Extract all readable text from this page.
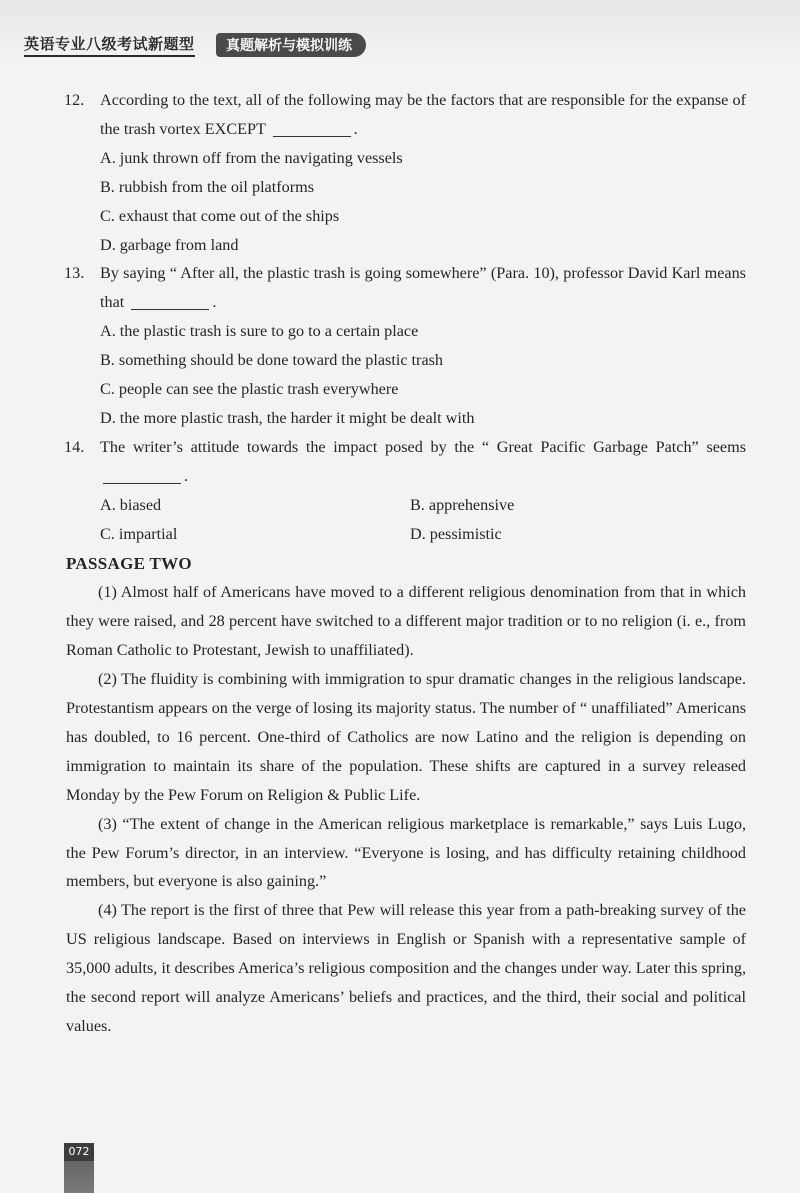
英语专业八级考试新题型	真题解析与模拟训练
12. According to the text, all of the following may be the factors that are responsible for the expanse of the trash vortex EXCEPT	.
A. junk thrown off from the navigating vessels
B. rubbish from the oil platforms
C. exhaust that come out of the ships
D. garbage from land
13. By saying “ After all, the plastic trash is going somewhere” (Para. 10), professor David Karl means that	.
A. the plastic trash is sure to go to a certain place
B. something should be done toward the plastic trash
C. people can see the plastic trash everywhere
D. the more plastic trash, the harder it might be dealt with
14. The writer’s attitude towards the impact posed by the “ Great Pacific Garbage Patch” seems .
A. biased	B. apprehensive
C. impartial	D. pessimistic
PASSAGE TWO
(1) Almost half of Americans have moved to a different religious denomination from that in which they were raised, and 28 percent have switched to a different major tradition or to no religion (i. e., from Roman Catholic to Protestant, Jewish to unaffiliated).
(2) The fluidity is combining with immigration to spur dramatic changes in the religious landscape. Protestantism appears on the verge of losing its majority status. The number of “ unaffiliated” Americans has doubled, to 16 percent. One-third of Catholics are now Latino and the religion is depending on immigration to maintain its share of the population. These shifts are captured in a survey released Monday by the Pew Forum on Religion & Public Life.
(3) “The extent of change in the American religious marketplace is remarkable,” says Luis Lugo, the Pew Forum’s director, in an interview. “Everyone is losing, and has difficulty retaining childhood members, but everyone is also gaining.”
(4) The report is the first of three that Pew will release this year from a path-breaking survey of the US religious landscape. Based on interviews in English or Spanish with a representative sample of 35,000 adults, it describes America’s religious composition and the changes under way. Later this spring, the second report will analyze Americans’ beliefs and practices, and the third, their social and political values.
072
